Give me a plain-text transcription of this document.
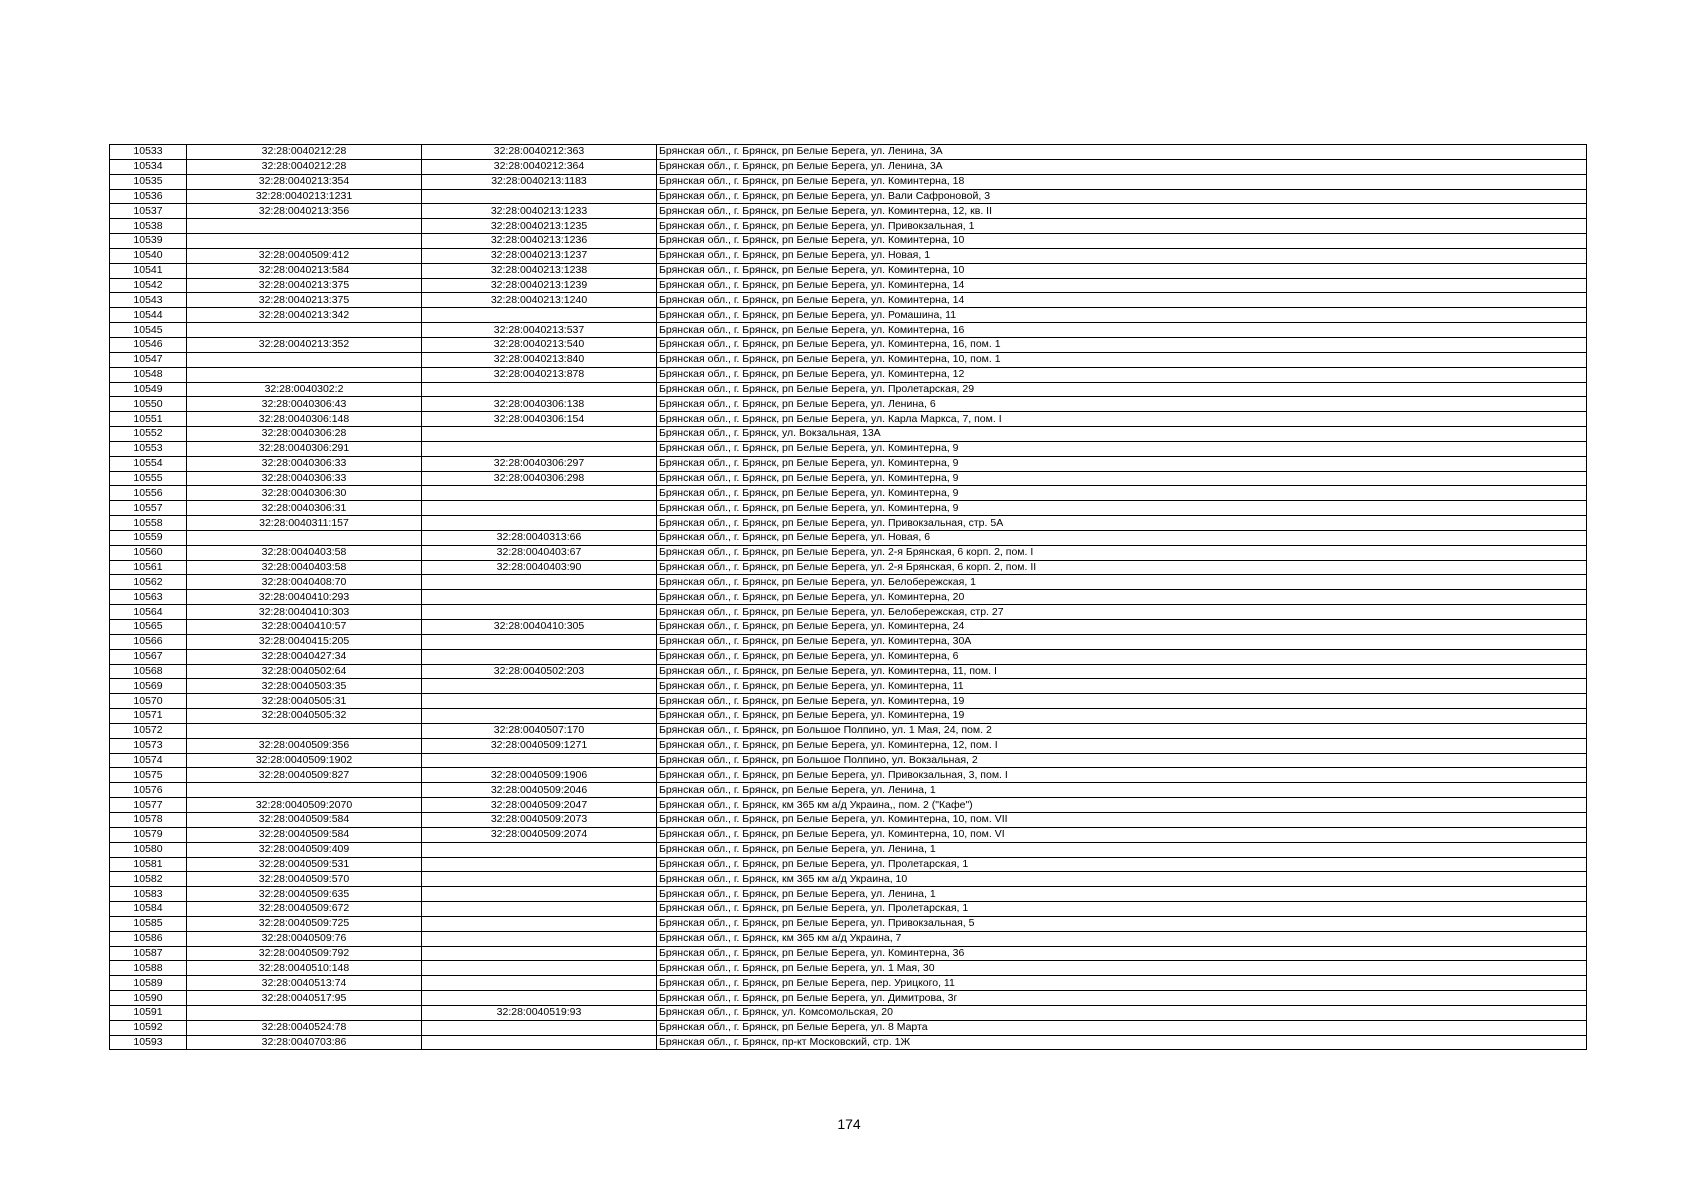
10533	32:28:0040212:28	32:28:0040212:363	Брянская обл., г. Брянск, рп Белые Берега, ул. Ленина, 3А
10534	32:28:0040212:28	32:28:0040212:364	Брянская обл., г. Брянск, рп Белые Берега, ул. Ленина, 3А
10535	32:28:0040213:354	32:28:0040213:1183	Брянская обл., г. Брянск, рп Белые Берега, ул. Коминтерна, 18
10536	32:28:0040213:1231		Брянская обл., г. Брянск, рп Белые Берега, ул. Вали Сафроновой, 3
10537	32:28:0040213:356	32:28:0040213:1233	Брянская обл., г. Брянск, рп Белые Берега, ул. Коминтерна, 12, кв. II
10538		32:28:0040213:1235	Брянская обл., г. Брянск, рп Белые Берега, ул. Привокзальная, 1
10539		32:28:0040213:1236	Брянская обл., г. Брянск, рп Белые Берега, ул. Коминтерна, 10
10540	32:28:0040509:412	32:28:0040213:1237	Брянская обл., г. Брянск, рп Белые Берега, ул. Новая, 1
10541	32:28:0040213:584	32:28:0040213:1238	Брянская обл., г. Брянск, рп Белые Берега, ул. Коминтерна, 10
10542	32:28:0040213:375	32:28:0040213:1239	Брянская обл., г. Брянск, рп Белые Берега, ул. Коминтерна, 14
10543	32:28:0040213:375	32:28:0040213:1240	Брянская обл., г. Брянск, рп Белые Берега, ул. Коминтерна, 14
10544	32:28:0040213:342		Брянская обл., г. Брянск, рп Белые Берега, ул. Ромашина, 11
10545		32:28:0040213:537	Брянская обл., г. Брянск, рп Белые Берега, ул. Коминтерна, 16
10546	32:28:0040213:352	32:28:0040213:540	Брянская обл., г. Брянск, рп Белые Берега, ул. Коминтерна, 16, пом. 1
10547		32:28:0040213:840	Брянская обл., г. Брянск, рп Белые Берега, ул. Коминтерна, 10, пом. 1
10548		32:28:0040213:878	Брянская обл., г. Брянск, рп Белые Берега, ул. Коминтерна, 12
10549	32:28:0040302:2		Брянская обл., г. Брянск, рп Белые Берега, ул. Пролетарская, 29
10550	32:28:0040306:43	32:28:0040306:138	Брянская обл., г. Брянск, рп Белые Берега, ул. Ленина, 6
10551	32:28:0040306:148	32:28:0040306:154	Брянская обл., г. Брянск, рп Белые Берега, ул. Карла Маркса, 7, пом. I
10552	32:28:0040306:28		Брянская обл., г. Брянск, ул. Вокзальная, 13А
10553	32:28:0040306:291		Брянская обл., г. Брянск, рп Белые Берега, ул. Коминтерна, 9
10554	32:28:0040306:33	32:28:0040306:297	Брянская обл., г. Брянск, рп Белые Берега, ул. Коминтерна, 9
10555	32:28:0040306:33	32:28:0040306:298	Брянская обл., г. Брянск, рп Белые Берега, ул. Коминтерна, 9
10556	32:28:0040306:30		Брянская обл., г. Брянск, рп Белые Берега, ул. Коминтерна, 9
10557	32:28:0040306:31		Брянская обл., г. Брянск, рп Белые Берега, ул. Коминтерна, 9
10558	32:28:0040311:157		Брянская обл., г. Брянск, рп Белые Берега, ул. Привокзальная, стр. 5А
10559		32:28:0040313:66	Брянская обл., г. Брянск, рп Белые Берега, ул. Новая, 6
10560	32:28:0040403:58	32:28:0040403:67	Брянская обл., г. Брянск, рп Белые Берега, ул. 2-я Брянская, 6 корп. 2, пом. I
10561	32:28:0040403:58	32:28:0040403:90	Брянская обл., г. Брянск, рп Белые Берега, ул. 2-я Брянская, 6 корп. 2, пом. II
10562	32:28:0040408:70		Брянская обл., г. Брянск, рп Белые Берега, ул. Белобережская, 1
10563	32:28:0040410:293		Брянская обл., г. Брянск, рп Белые Берега, ул. Коминтерна, 20
10564	32:28:0040410:303		Брянская обл., г. Брянск, рп Белые Берега, ул. Белобережская, стр. 27
10565	32:28:0040410:57	32:28:0040410:305	Брянская обл., г. Брянск, рп Белые Берега, ул. Коминтерна, 24
10566	32:28:0040415:205		Брянская обл., г. Брянск, рп Белые Берега, ул. Коминтерна, 30А
10567	32:28:0040427:34		Брянская обл., г. Брянск, рп Белые Берега, ул. Коминтерна, 6
10568	32:28:0040502:64	32:28:0040502:203	Брянская обл., г. Брянск, рп Белые Берега, ул. Коминтерна, 11, пом. I
10569	32:28:0040503:35		Брянская обл., г. Брянск, рп Белые Берега, ул. Коминтерна, 11
10570	32:28:0040505:31		Брянская обл., г. Брянск, рп Белые Берега, ул. Коминтерна, 19
10571	32:28:0040505:32		Брянская обл., г. Брянск, рп Белые Берега, ул. Коминтерна, 19
10572		32:28:0040507:170	Брянская обл., г. Брянск, рп Большое Полпино, ул. 1 Мая, 24, пом. 2
10573	32:28:0040509:356	32:28:0040509:1271	Брянская обл., г. Брянск, рп Белые Берега, ул. Коминтерна, 12, пом. I
10574	32:28:0040509:1902		Брянская обл., г. Брянск, рп Большое Полпино, ул. Вокзальная, 2
10575	32:28:0040509:827	32:28:0040509:1906	Брянская обл., г. Брянск, рп Белые Берега, ул. Привокзальная, 3, пом. I
10576		32:28:0040509:2046	Брянская обл., г. Брянск, рп Белые Берега, ул. Ленина, 1
10577	32:28:0040509:2070	32:28:0040509:2047	Брянская обл., г. Брянск, км 365 км а/д Украина,, пом. 2 ("Кафе")
10578	32:28:0040509:584	32:28:0040509:2073	Брянская обл., г. Брянск, рп Белые Берега, ул. Коминтерна, 10, пом. VII
10579	32:28:0040509:584	32:28:0040509:2074	Брянская обл., г. Брянск, рп Белые Берега, ул. Коминтерна, 10, пом. VI
10580	32:28:0040509:409		Брянская обл., г. Брянск, рп Белые Берега, ул. Ленина, 1
10581	32:28:0040509:531		Брянская обл., г. Брянск, рп Белые Берега, ул. Пролетарская, 1
10582	32:28:0040509:570		Брянская обл., г. Брянск, км 365 км а/д Украина, 10
10583	32:28:0040509:635		Брянская обл., г. Брянск, рп Белые Берега, ул. Ленина, 1
10584	32:28:0040509:672		Брянская обл., г. Брянск, рп Белые Берега, ул. Пролетарская, 1
10585	32:28:0040509:725		Брянская обл., г. Брянск, рп Белые Берега, ул. Привокзальная, 5
10586	32:28:0040509:76		Брянская обл., г. Брянск, км 365 км а/д Украина, 7
10587	32:28:0040509:792		Брянская обл., г. Брянск, рп Белые Берега, ул. Коминтерна, 36
10588	32:28:0040510:148		Брянская обл., г. Брянск, рп Белые Берега, ул. 1 Мая, 30
10589	32:28:0040513:74		Брянская обл., г. Брянск, рп Белые Берега, пер. Урицкого, 11
10590	32:28:0040517:95		Брянская обл., г. Брянск, рп Белые Берега, ул. Димитрова, 3г
10591		32:28:0040519:93	Брянская обл., г. Брянск, ул. Комсомольская, 20
10592	32:28:0040524:78		Брянская обл., г. Брянск, рп Белые Берега, ул. 8 Марта
10593	32:28:0040703:86		Брянская обл., г. Брянск, пр-кт Московский, стр. 1Ж
174
